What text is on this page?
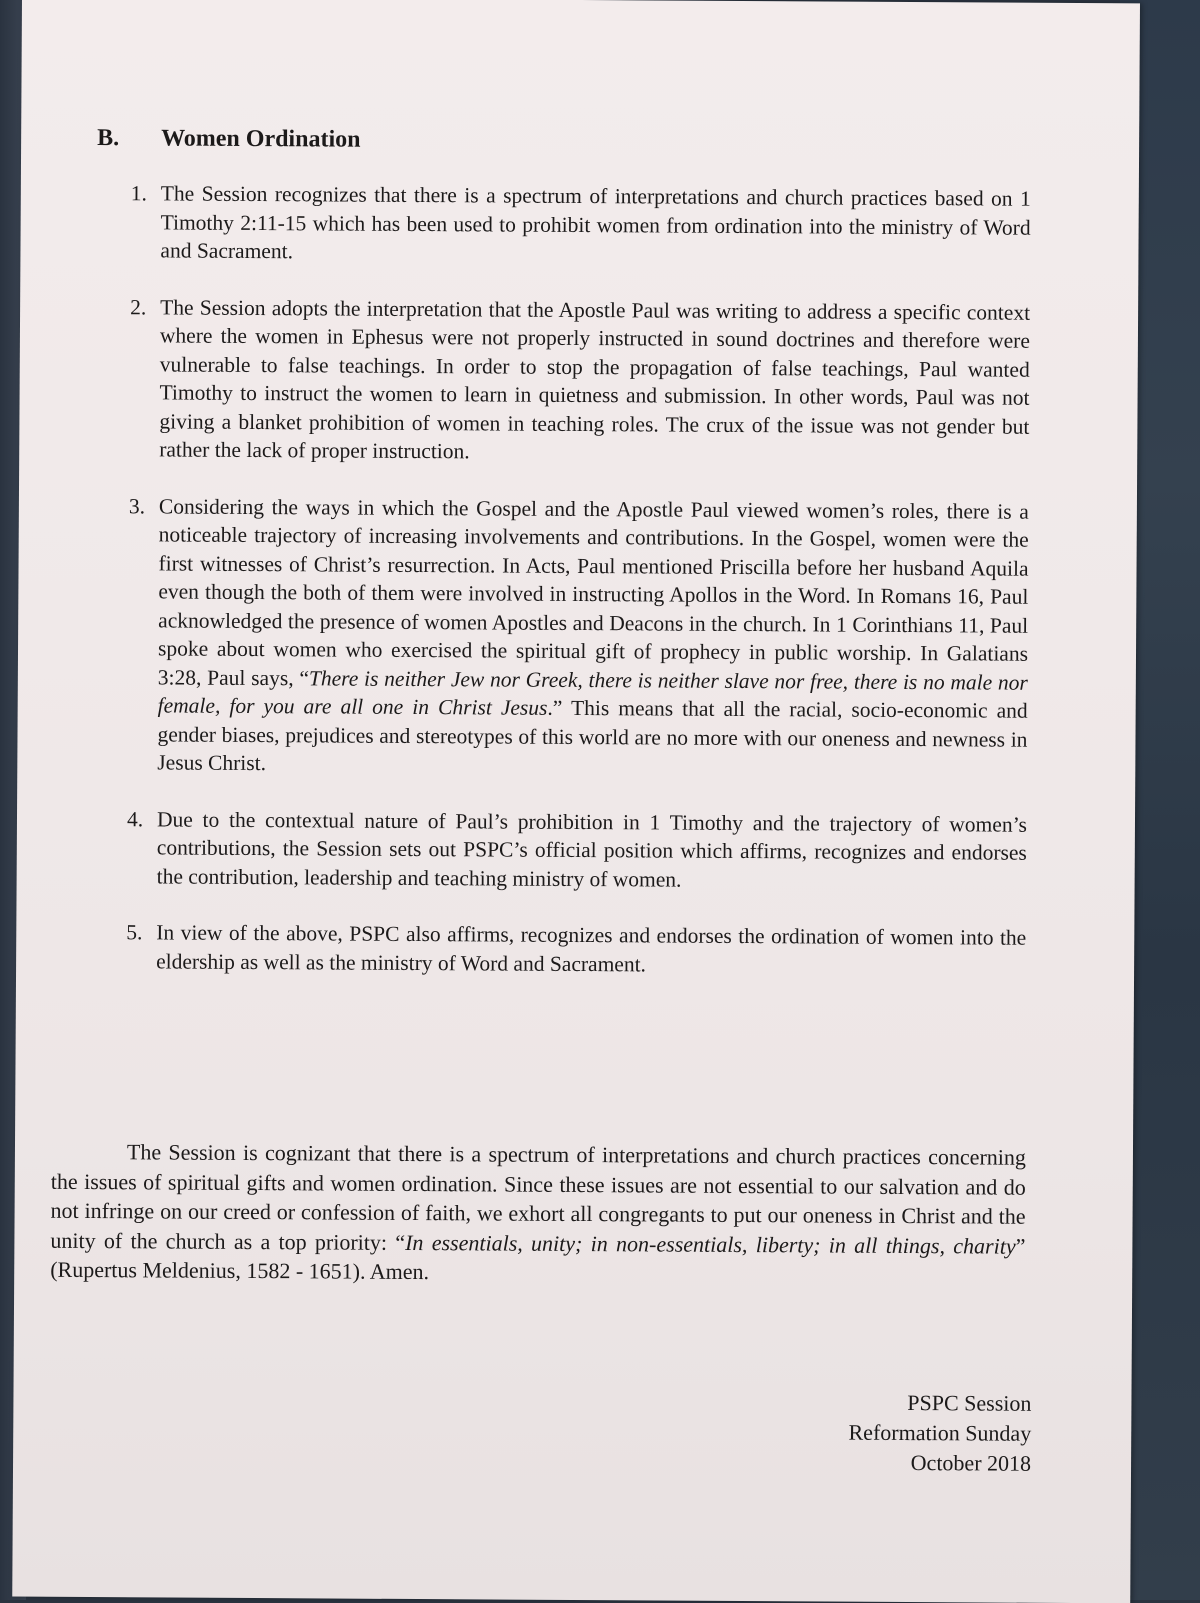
B. Women Ordination
1. The Session recognizes that there is a spectrum of interpretations and church practices based on 1 Timothy 2:11-15 which has been used to prohibit women from ordination into the ministry of Word and Sacrament.
2. The Session adopts the interpretation that the Apostle Paul was writing to address a specific context where the women in Ephesus were not properly instructed in sound doctrines and therefore were vulnerable to false teachings. In order to stop the propagation of false teachings, Paul wanted Timothy to instruct the women to learn in quietness and submission. In other words, Paul was not giving a blanket prohibition of women in teaching roles. The crux of the issue was not gender but rather the lack of proper instruction.
3. Considering the ways in which the Gospel and the Apostle Paul viewed women’s roles, there is a noticeable trajectory of increasing involvements and contributions. In the Gospel, women were the first witnesses of Christ’s resurrection. In Acts, Paul mentioned Priscilla before her husband Aquila even though the both of them were involved in instructing Apollos in the Word. In Romans 16, Paul acknowledged the presence of women Apostles and Deacons in the church. In 1 Corinthians 11, Paul spoke about women who exercised the spiritual gift of prophecy in public worship. In Galatians 3:28, Paul says, “There is neither Jew nor Greek, there is neither slave nor free, there is no male nor female, for you are all one in Christ Jesus.” This means that all the racial, socio-economic and gender biases, prejudices and stereotypes of this world are no more with our oneness and newness in Jesus Christ.
4. Due to the contextual nature of Paul’s prohibition in 1 Timothy and the trajectory of women’s contributions, the Session sets out PSPC’s official position which affirms, recognizes and endorses the contribution, leadership and teaching ministry of women.
5. In view of the above, PSPC also affirms, recognizes and endorses the ordination of women into the eldership as well as the ministry of Word and Sacrament.
The Session is cognizant that there is a spectrum of interpretations and church practices concerning the issues of spiritual gifts and women ordination. Since these issues are not essential to our salvation and do not infringe on our creed or confession of faith, we exhort all congregants to put our oneness in Christ and the unity of the church as a top priority: “In essentials, unity; in non-essentials, liberty; in all things, charity” (Rupertus Meldenius, 1582 - 1651). Amen.
PSPC Session
Reformation Sunday
October 2018
